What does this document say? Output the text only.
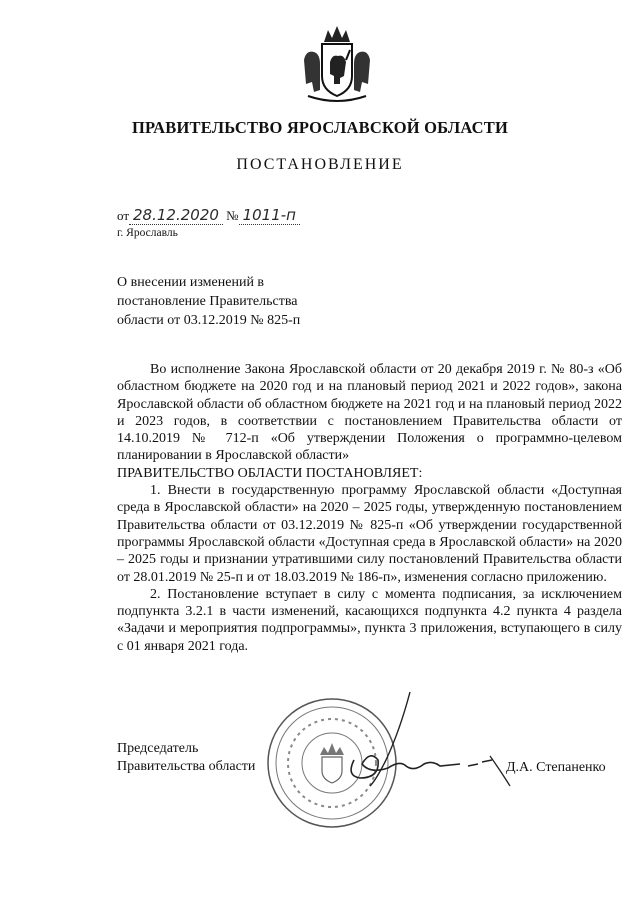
ПРАВИТЕЛЬСТВО ЯРОСЛАВСКОЙ ОБЛАСТИ
ПОСТАНОВЛЕНИЕ
от 28.12.2020 № 1011-п
г. Ярославль
О внесении изменений в
постановление Правительства
области от 03.12.2019 № 825-п

Во исполнение Закона Ярославской области от 20 декабря 2019 г. № 80-з «Об областном бюджете на 2020 год и на плановый период 2021 и 2022 годов», закона Ярославской области об областном бюджете на 2021 год и на плановый период 2022 и 2023 годов, в соответствии с постановлением Правительства области от 14.10.2019 № 712-п «Об утверждении Положения о программно-целевом планировании в Ярославской области»

ПРАВИТЕЛЬСТВО ОБЛАСТИ ПОСТАНОВЛЯЕТ:

1. Внести в государственную программу Ярославской области «Доступная среда в Ярославской области» на 2020 – 2025 годы, утвержденную постановлением Правительства области от 03.12.2019 № 825-п «Об утверждении государственной программы Ярославской области «Доступная среда в Ярославской области» на 2020 – 2025 годы и признании утратившими силу постановлений Правительства области от 28.01.2019 № 25-п и от 18.03.2019 № 186-п», изменения согласно приложению.

2. Постановление вступает в силу с момента подписания, за исключением подпункта 3.2.1 в части изменений, касающихся подпункта 4.2 пункта 4 раздела «Задачи и мероприятия подпрограммы», пункта 3 приложения, вступающего в силу с 01 января 2021 года.

Председатель
Правительства области	Д.А. Степаненко
